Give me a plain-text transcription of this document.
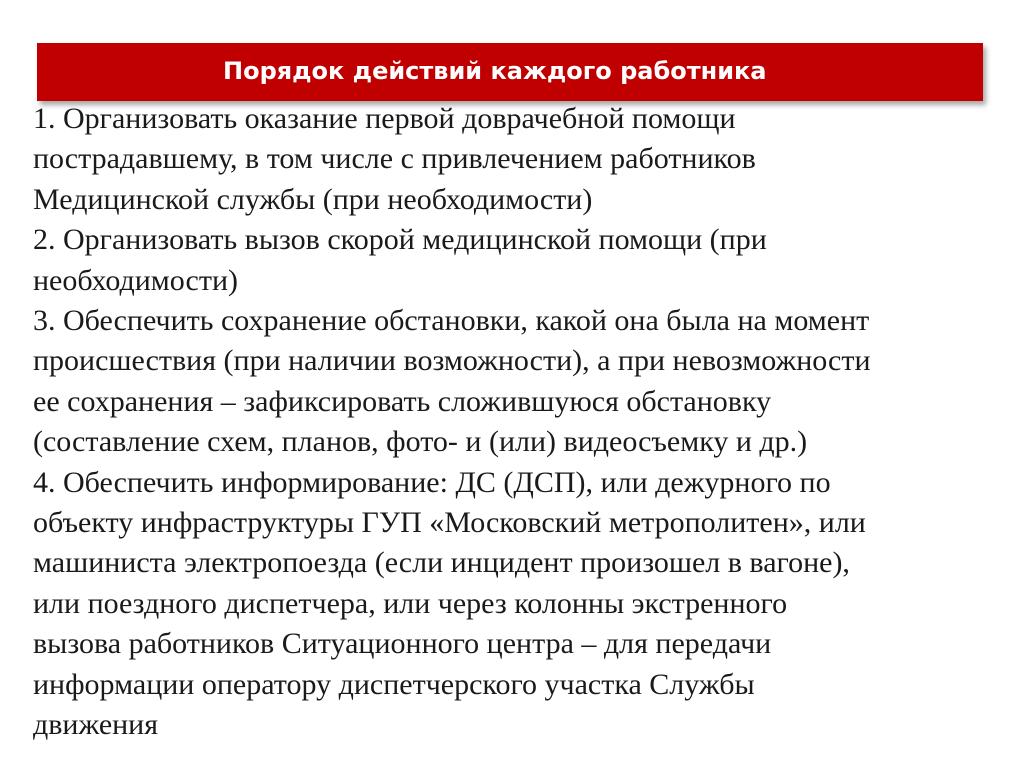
Порядок действий каждого работника
1. Организовать оказание первой доврачебной помощи
пострадавшему, в том числе с привлечением работников
Медицинской службы (при необходимости)
2. Организовать вызов скорой медицинской помощи (при
необходимости)
3. Обеспечить сохранение обстановки, какой она была на момент
происшествия (при наличии возможности), а при невозможности
ее сохранения – зафиксировать сложившуюся обстановку
(составление схем, планов, фото- и (или) видеосъемку и др.)
4. Обеспечить информирование: ДС (ДСП), или дежурного по
объекту инфраструктуры ГУП «Московский метрополитен», или
машиниста электропоезда (если инцидент произошел в вагоне),
или поездного диспетчера, или через колонны экстренного
вызова работников Ситуационного центра – для передачи
информации оператору диспетчерского участка Службы
движения
